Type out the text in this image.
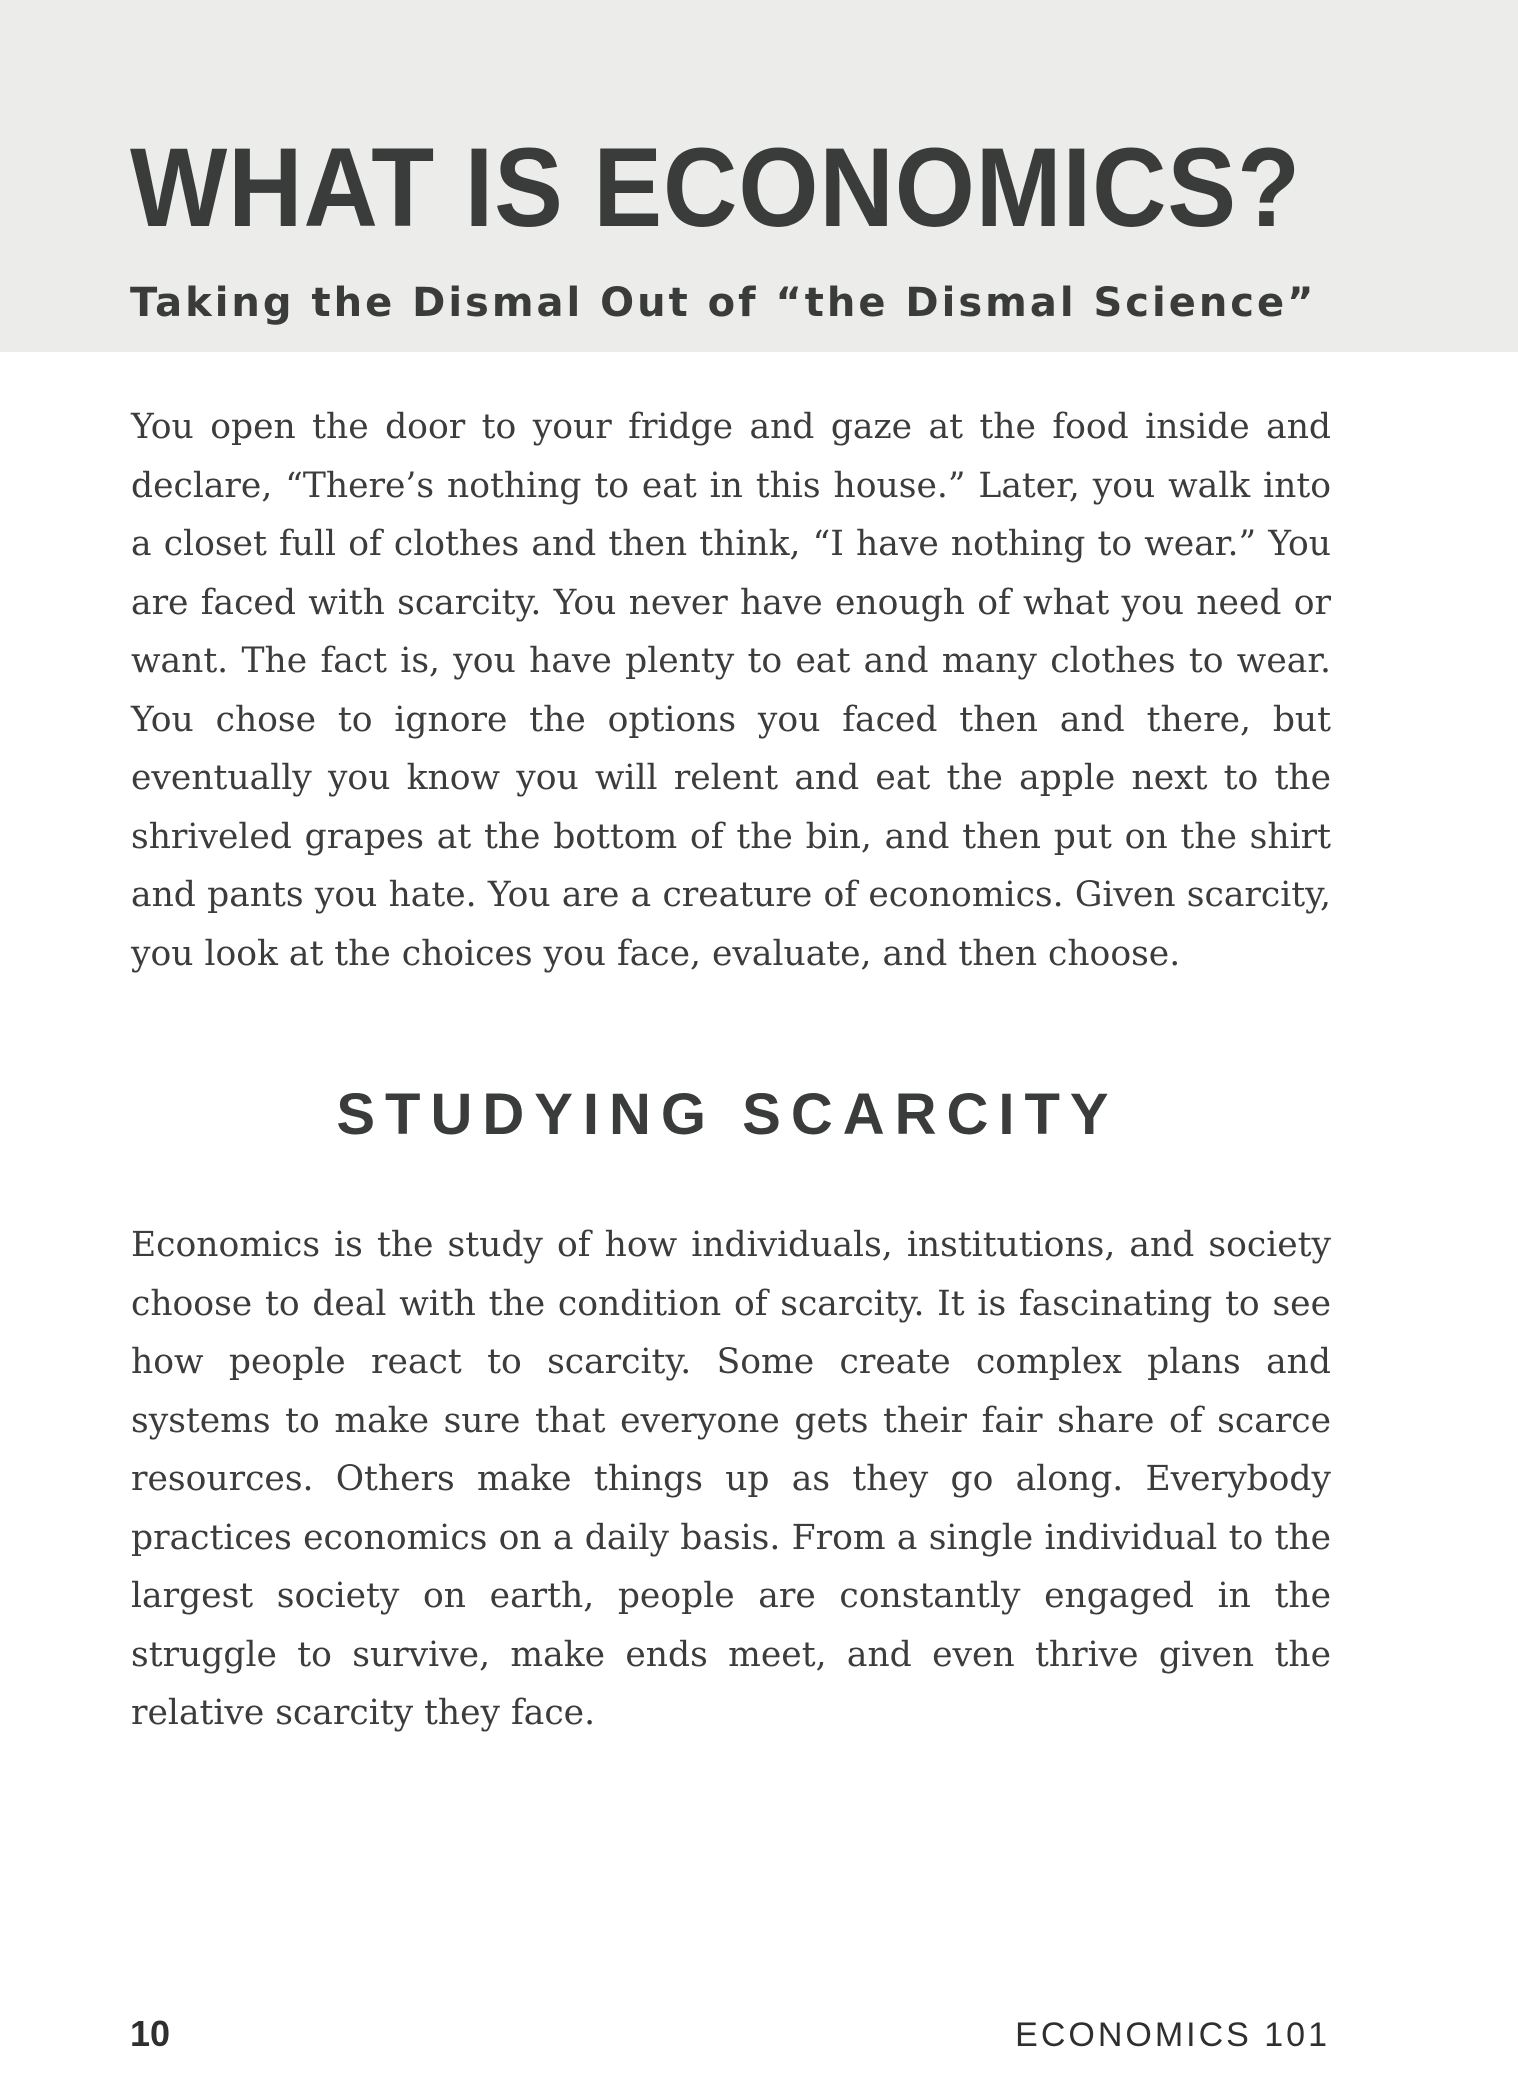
WHAT IS ECONOMICS?
Taking the Dismal Out of “the Dismal Science”

You open the door to your fridge and gaze at the food inside and declare, “There’s nothing to eat in this house.” Later, you walk into a closet full of clothes and then think, “I have nothing to wear.” You are faced with scarcity. You never have enough of what you need or want. The fact is, you have plenty to eat and many clothes to wear. You chose to ignore the options you faced then and there, but eventually you know you will relent and eat the apple next to the shriveled grapes at the bottom of the bin, and then put on the shirt and pants you hate. You are a creature of economics. Given scarcity, you look at the choices you face, evaluate, and then choose.

STUDYING SCARCITY

Economics is the study of how individuals, institutions, and society choose to deal with the condition of scarcity. It is fascinating to see how people react to scarcity. Some create complex plans and systems to make sure that everyone gets their fair share of scarce resources. Others make things up as they go along. Everybody practices economics on a daily basis. From a single individual to the largest society on earth, people are constantly engaged in the struggle to survive, make ends meet, and even thrive given the relative scarcity they face.

10	ECONOMICS 101
